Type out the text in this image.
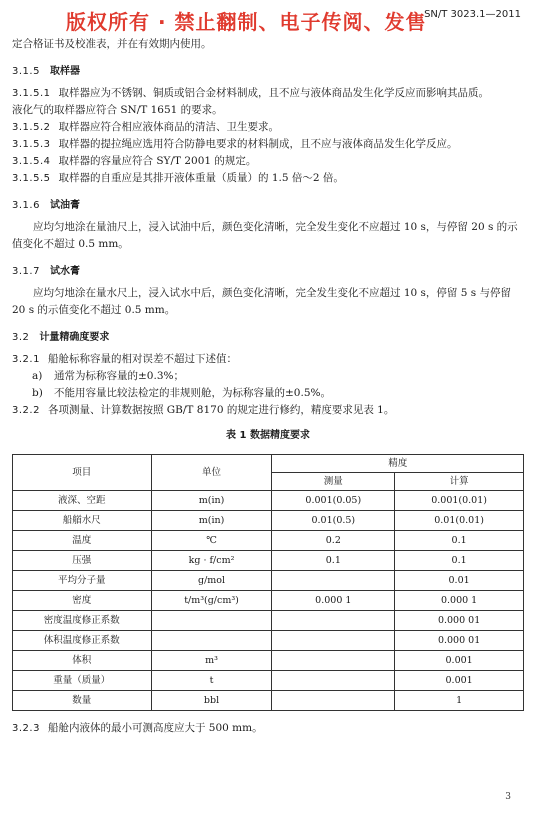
版权所有 · 禁止翻制、电子传阅、发售
SN/T 3023.1—2011

定合格证书及校准表，并在有效期内使用。

3.1.5 取样器

3.1.5.1 取样器应为不锈钢、铜质或铝合金材料制成，且不应与液体商品发生化学反应而影响其品质。

液化气的取样器应符合 SN/T 1651 的要求。

3.1.5.2 取样器应符合相应液体商品的清洁、卫生要求。

3.1.5.3 取样器的提拉绳应选用符合防静电要求的材料制成，且不应与液体商品发生化学反应。

3.1.5.4 取样器的容量应符合 SY/T 2001 的规定。

3.1.5.5 取样器的自重应是其排开液体重量（质量）的 1.5 倍～2 倍。

3.1.6 试油膏

应均匀地涂在量油尺上，浸入试油中后，颜色变化清晰，完全发生变化不应超过 10 s，与停留 20 s 的示值变化不超过 0.5 mm。

3.1.7 试水膏

应均匀地涂在量水尺上，浸入试水中后，颜色变化清晰，完全发生变化不应超过 10 s，停留 5 s 与停留 20 s 的示值变化不超过 0.5 mm。

3.2 计量精确度要求

3.2.1 船舱标称容量的相对误差不超过下述值：

a) 通常为标称容量的±0.3%；

b) 不能用容量比较法检定的非规则舱，为标称容量的±0.5%。

3.2.2 各项测量、计算数据按照 GB/T 8170 的规定进行修约，精度要求见表 1。

表 1 数据精度要求
项目	单位	精度	
		测量	计算
液深、空距	m(in)	0.001(0.05)	0.001(0.01)
船艏水尺	m(in)	0.01(0.5)	0.01(0.01)
温度	℃	0.2	0.1
压强	kg · f/cm²	0.1	0.1
平均分子量	g/mol		0.01
密度	t/m³(g/cm³)	0.000 1	0.000 1
密度温度修正系数			0.000 01
体积温度修正系数			0.000 01
体积	m³		0.001
重量（质量）	t		0.001
数量	bbl		1

3.2.3 船舱内液体的最小可测高度应大于 500 mm。

3
